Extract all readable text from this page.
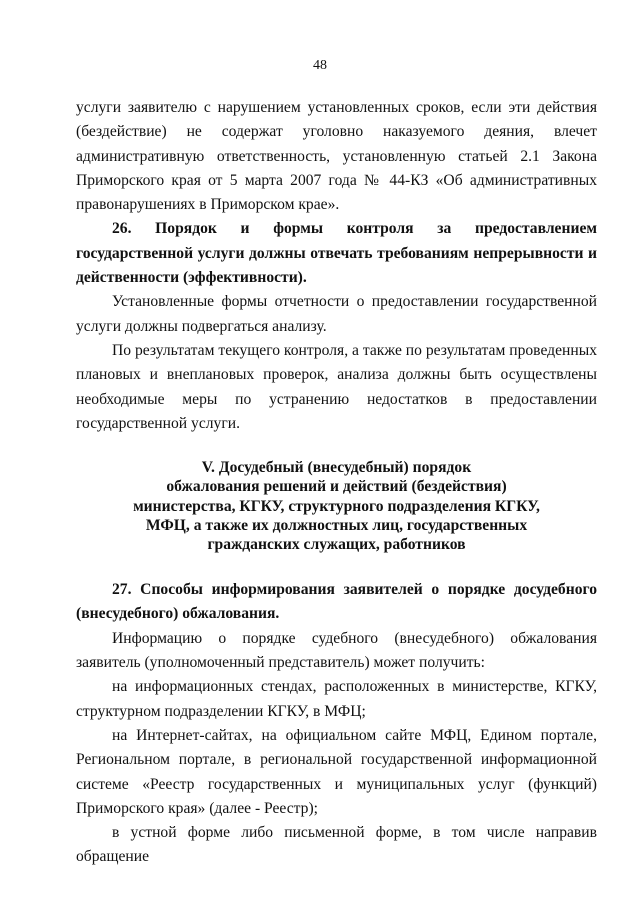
48

услуги заявителю с нарушением установленных сроков, если эти действия (бездействие) не содержат уголовно наказуемого деяния, влечет административную ответственность, установленную статьей 2.1 Закона Приморского края от 5 марта 2007 года № 44-КЗ «Об административных правонарушениях в Приморском крае».

26. Порядок и формы контроля за предоставлением государственной услуги должны отвечать требованиям непрерывности и действенности (эффективности).

Установленные формы отчетности о предоставлении государственной услуги должны подвергаться анализу.

По результатам текущего контроля, а также по результатам проведенных плановых и внеплановых проверок, анализа должны быть осуществлены необходимые меры по устранению недостатков в предоставлении государственной услуги.

V. Досудебный (внесудебный) порядок
обжалования решений и действий (бездействия)
министерства, КГКУ, структурного подразделения КГКУ,
МФЦ, а также их должностных лиц, государственных
гражданских служащих, работников

27. Способы информирования заявителей о порядке досудебного (внесудебного) обжалования.

Информацию о порядке судебного (внесудебного) обжалования заявитель (уполномоченный представитель) может получить:

на информационных стендах, расположенных в министерстве, КГКУ, структурном подразделении КГКУ, в МФЦ;

на Интернет-сайтах, на официальном сайте МФЦ, Едином портале, Региональном портале, в региональной государственной информационной системе «Реестр государственных и муниципальных услуг (функций) Приморского края» (далее - Реестр);

в устной форме либо письменной форме, в том числе направив обращение
